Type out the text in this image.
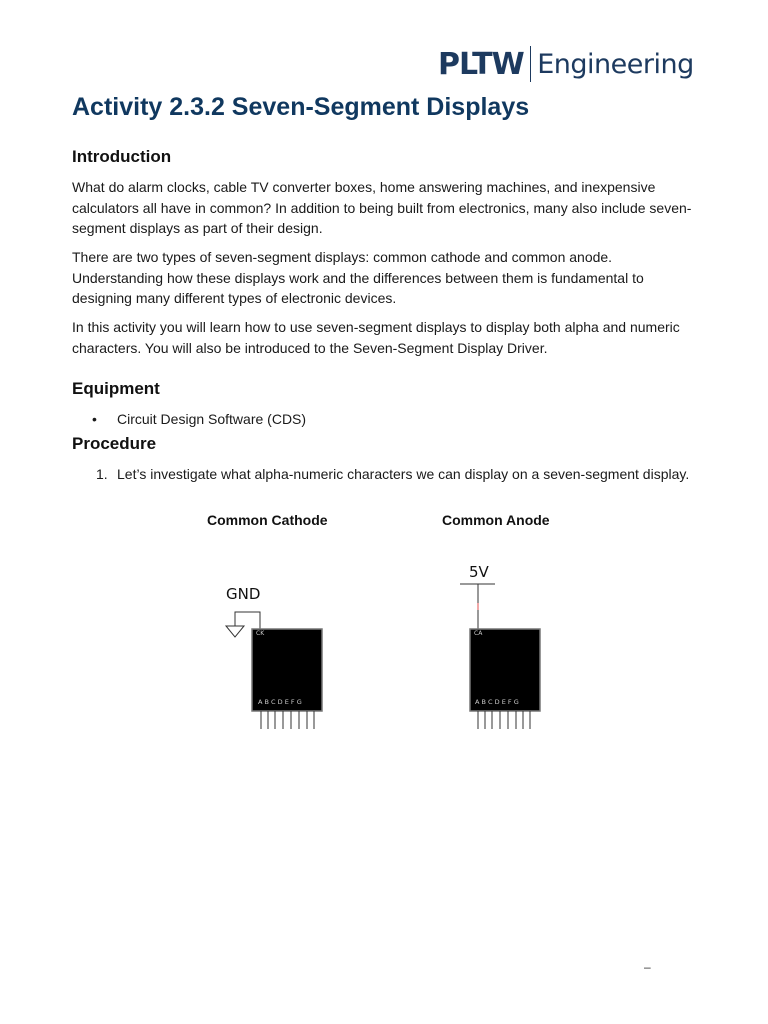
PLTW Engineering
Activity 2.3.2 Seven-Segment Displays
Introduction

What do alarm clocks, cable TV converter boxes, home answering machines, and inexpensive calculators all have in common? In addition to being built from electronics, many also include seven-segment displays as part of their design.

There are two types of seven-segment displays: common cathode and common anode. Understanding how these displays work and the differences between them is fundamental to designing many different types of electronic devices.

In this activity you will learn how to use seven-segment displays to display both alpha and numeric characters. You will also be introduced to the Seven-Segment Display Driver.

Equipment
• Circuit Design Software (CDS)
Procedure
1. Let’s investigate what alpha-numeric characters we can display on a seven-segment display.
Common Cathode	Common Anode
GND
CK
A B C D E F G
5V
CA
A B C D E F G
–
